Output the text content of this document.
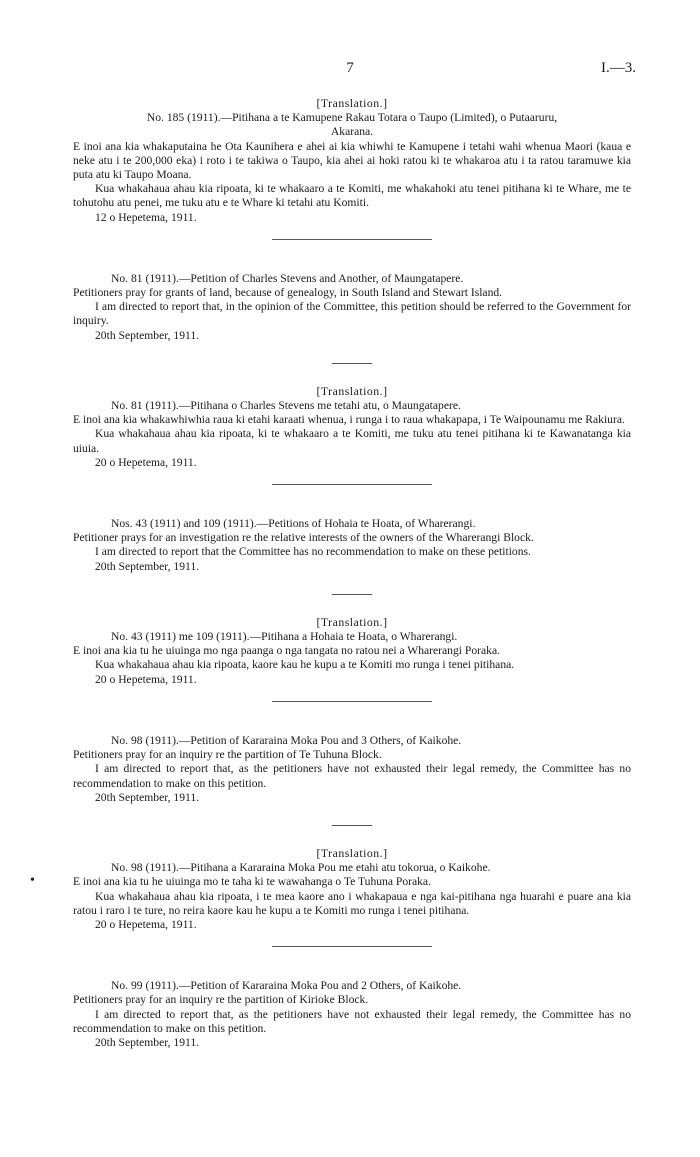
7	I.—3.
•
[Translation.]

No. 185 (1911).—Pitihana a te Kamupene Rakau Totara o Taupo (Limited), o Putaaruru,

Akarana.

E inoi ana kia whakaputaina he Ota Kaunihera e ahei ai kia whiwhi te Kamupene i tetahi wahi whenua Maori (kaua e neke atu i te 200,000 eka) i roto i te takiwa o Taupo, kia ahei ai hoki ratou ki te whakaroa atu i ta ratou taramuwe kia puta atu ki Taupo Moana.

Kua whakahaua ahau kia ripoata, ki te whakaaro a te Komiti, me whakahoki atu tenei pitihana ki te Whare, me te tohutohu atu penei, me tuku atu e te Whare ki tetahi atu Komiti.

12 o Hepetema, 1911.

No. 81 (1911).—Petition of Charles Stevens and Another, of Maungatapere.

Petitioners pray for grants of land, because of genealogy, in South Island and Stewart Island.

I am directed to report that, in the opinion of the Committee, this petition should be referred to the Government for inquiry.

20th September, 1911.

[Translation.]

No. 81 (1911).—Pitihana o Charles Stevens me tetahi atu, o Maungatapere.

E inoi ana kia whakawhiwhia raua ki etahi karaati whenua, i runga i to raua whakapapa, i Te Waipounamu me Rakiura.

Kua whakahaua ahau kia ripoata, ki te whakaaro a te Komiti, me tuku atu tenei pitihana ki te Kawanatanga kia uiuia.

20 o Hepetema, 1911.

Nos. 43 (1911) and 109 (1911).—Petitions of Hohaia te Hoata, of Wharerangi.

Petitioner prays for an investigation re the relative interests of the owners of the Wharerangi Block.

I am directed to report that the Committee has no recommendation to make on these petitions.

20th September, 1911.

[Translation.]

No. 43 (1911) me 109 (1911).—Pitihana a Hohaia te Hoata, o Wharerangi.

E inoi ana kia tu he uiuinga mo nga paanga o nga tangata no ratou nei a Wharerangi Poraka.

Kua whakahaua ahau kia ripoata, kaore kau he kupu a te Komiti mo runga i tenei pitihana.

20 o Hepetema, 1911.

No. 98 (1911).—Petition of Kararaina Moka Pou and 3 Others, of Kaikohe.

Petitioners pray for an inquiry re the partition of Te Tuhuna Block.

I am directed to report that, as the petitioners have not exhausted their legal remedy, the Committee has no recommendation to make on this petition.

20th September, 1911.

[Translation.]

No. 98 (1911).—Pitihana a Kararaina Moka Pou me etahi atu tokorua, o Kaikohe.

E inoi ana kia tu he uiuinga mo te taha ki te wawahanga o Te Tuhuna Poraka.

Kua whakahaua ahau kia ripoata, i te mea kaore ano i whakapaua e nga kai-pitihana nga huarahi e puare ana kia ratou i raro i te ture, no reira kaore kau he kupu a te Komiti mo runga i tenei pitihana.

20 o Hepetema, 1911.

No. 99 (1911).—Petition of Kararaina Moka Pou and 2 Others, of Kaikohe.

Petitioners pray for an inquiry re the partition of Kirioke Block.

I am directed to report that, as the petitioners have not exhausted their legal remedy, the Committee has no recommendation to make on this petition.

20th September, 1911.
